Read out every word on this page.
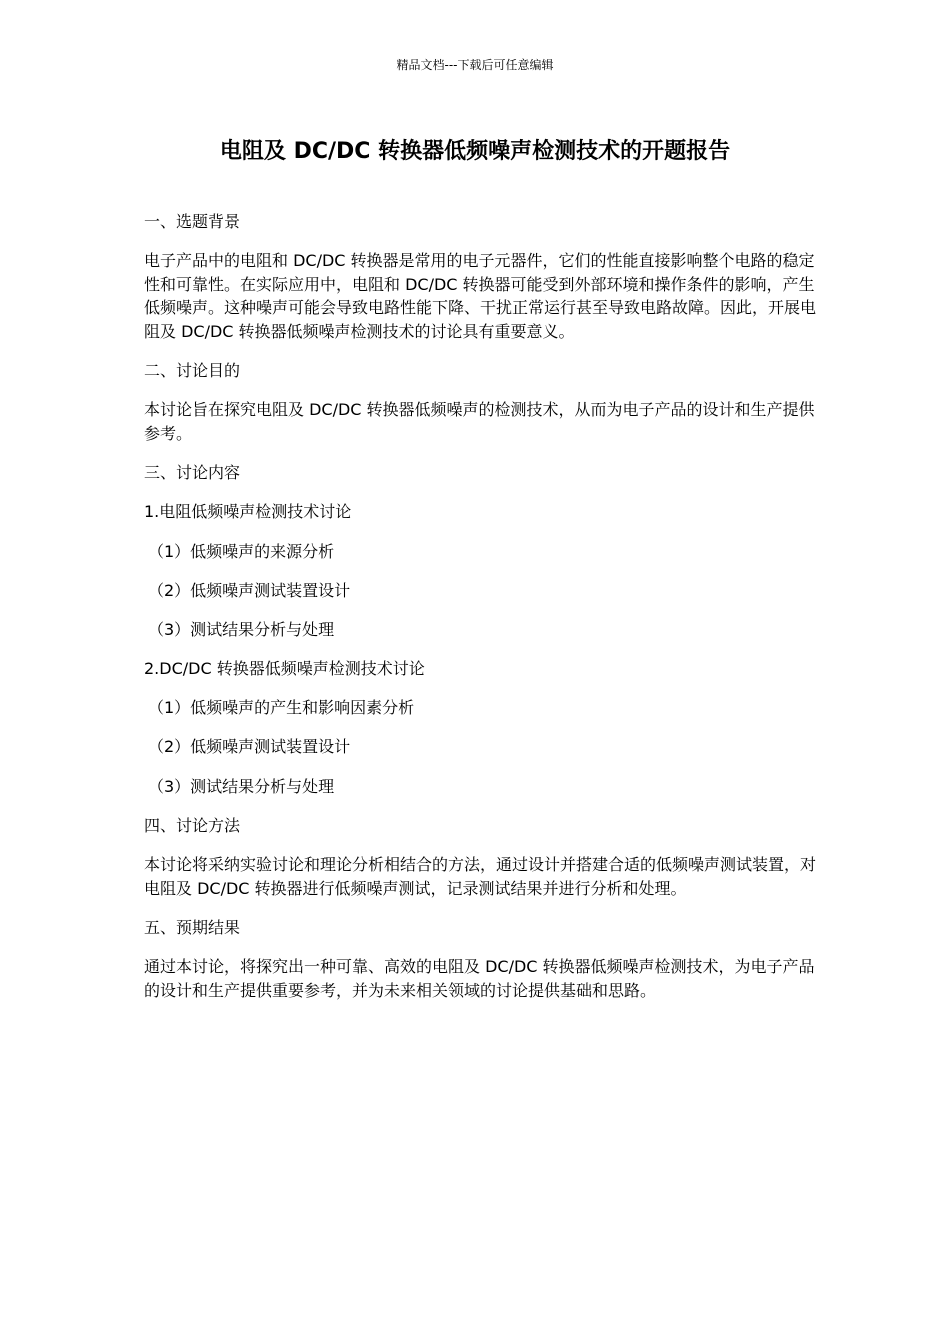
精品文档---下载后可任意编辑
电阻及 DC/DC 转换器低频噪声检测技术的开题报告

一、选题背景

电子产品中的电阻和 DC/DC 转换器是常用的电子元器件，它们的性能直接影响整个电路的稳定性和可靠性。在实际应用中，电阻和 DC/DC 转换器可能受到外部环境和操作条件的影响，产生低频噪声。这种噪声可能会导致电路性能下降、干扰正常运行甚至导致电路故障。因此，开展电阻及 DC/DC 转换器低频噪声检测技术的讨论具有重要意义。

二、讨论目的

本讨论旨在探究电阻及 DC/DC 转换器低频噪声的检测技术，从而为电子产品的设计和生产提供参考。

三、讨论内容

1.电阻低频噪声检测技术讨论

（1）低频噪声的来源分析

（2）低频噪声测试装置设计

（3）测试结果分析与处理

2.DC/DC 转换器低频噪声检测技术讨论

（1）低频噪声的产生和影响因素分析

（2）低频噪声测试装置设计

（3）测试结果分析与处理

四、讨论方法

本讨论将采纳实验讨论和理论分析相结合的方法，通过设计并搭建合适的低频噪声测试装置，对电阻及 DC/DC 转换器进行低频噪声测试，记录测试结果并进行分析和处理。

五、预期结果

通过本讨论，将探究出一种可靠、高效的电阻及 DC/DC 转换器低频噪声检测技术，为电子产品的设计和生产提供重要参考，并为未来相关领域的讨论提供基础和思路。
